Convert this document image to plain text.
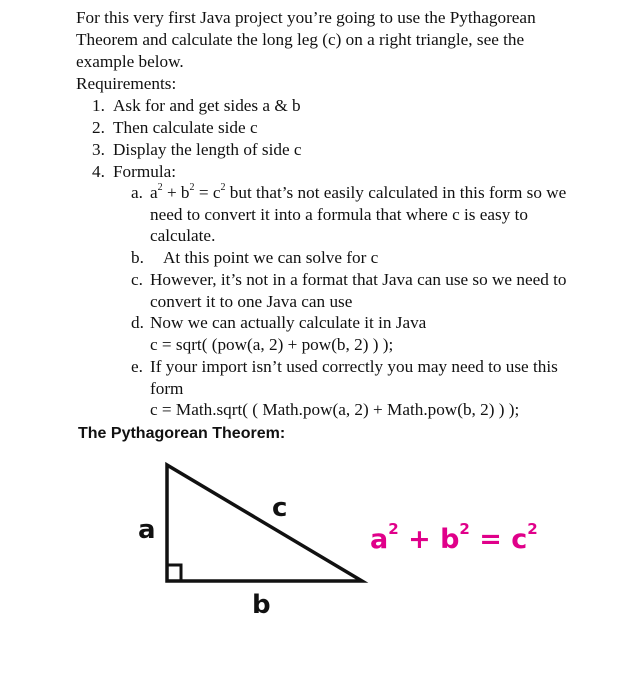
For this very first Java project you’re going to use the Pythagorean Theorem and calculate the long leg (c) on a right triangle, see the example below.
Requirements:
1. Ask for and get sides a & b
2. Then calculate side c
3. Display the length of side c
4. Formula:
a. $a^2 + b^2 = c^2$ but that’s not easily calculated in this form so we need to convert it into a formula that where c is easy to calculate.
b.	At this point we can solve for c
c. However, it’s not in a format that Java can use so we need to convert it to one Java can use
d. Now we can actually calculate it in Java
c = sqrt( (pow(a, 2) + pow(b, 2) ) );
e. If your import isn’t used correctly you may need to use this form
c = Math.sqrt( ( Math.pow(a, 2) + Math.pow(b, 2) ) );
The Pythagorean Theorem:
a
c
b
$a^2 + b^2 = c^2$
